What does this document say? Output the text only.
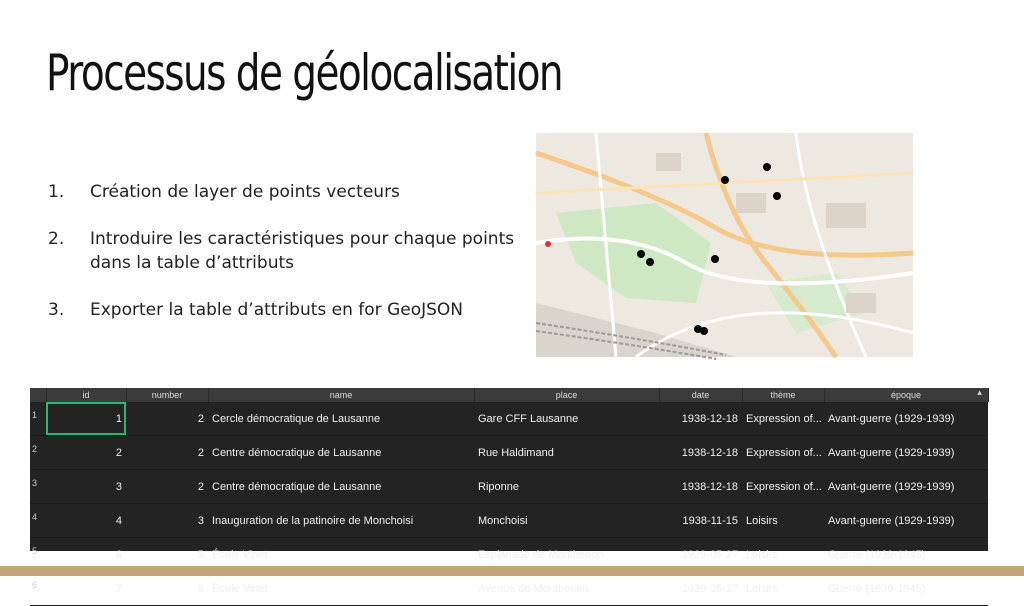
Processus de géolocalisation
1.	Création de layer de points vecteurs
2.	Introduire les caractéristiques pour chaque points dans la table d’attributs
3.	Exporter la table d’attributs en for GeoJSON
	id	number	name	place	date	thème	époque ▲

1	1	2	Cercle démocratique de Lausanne	Gare CFF Lausanne	1938-12-18	Expression of...	Avant-guerre (1929-1939)
2	2	2	Centre démocratique de Lausanne	Rue Haldimand	1938-12-18	Expression of...	Avant-guerre (1929-1939)
3	3	2	Centre démocratique de Lausanne	Riponne	1938-12-18	Expression of...	Avant-guerre (1929-1939)
4	4	3	Inauguration de la patinoire de Monchoisi	Monchoisi	1938-11-15	Loisirs	Avant-guerre (1929-1939)
5	6	5	École Vinet	Esplanade de Montbenon	1939-05-27	Loisirs	Guerre (1939-1945)
6	7	5	École Vinet	Avenue de Montbenon	1939-05-27	Loisirs	Guerre (1939-1945)
